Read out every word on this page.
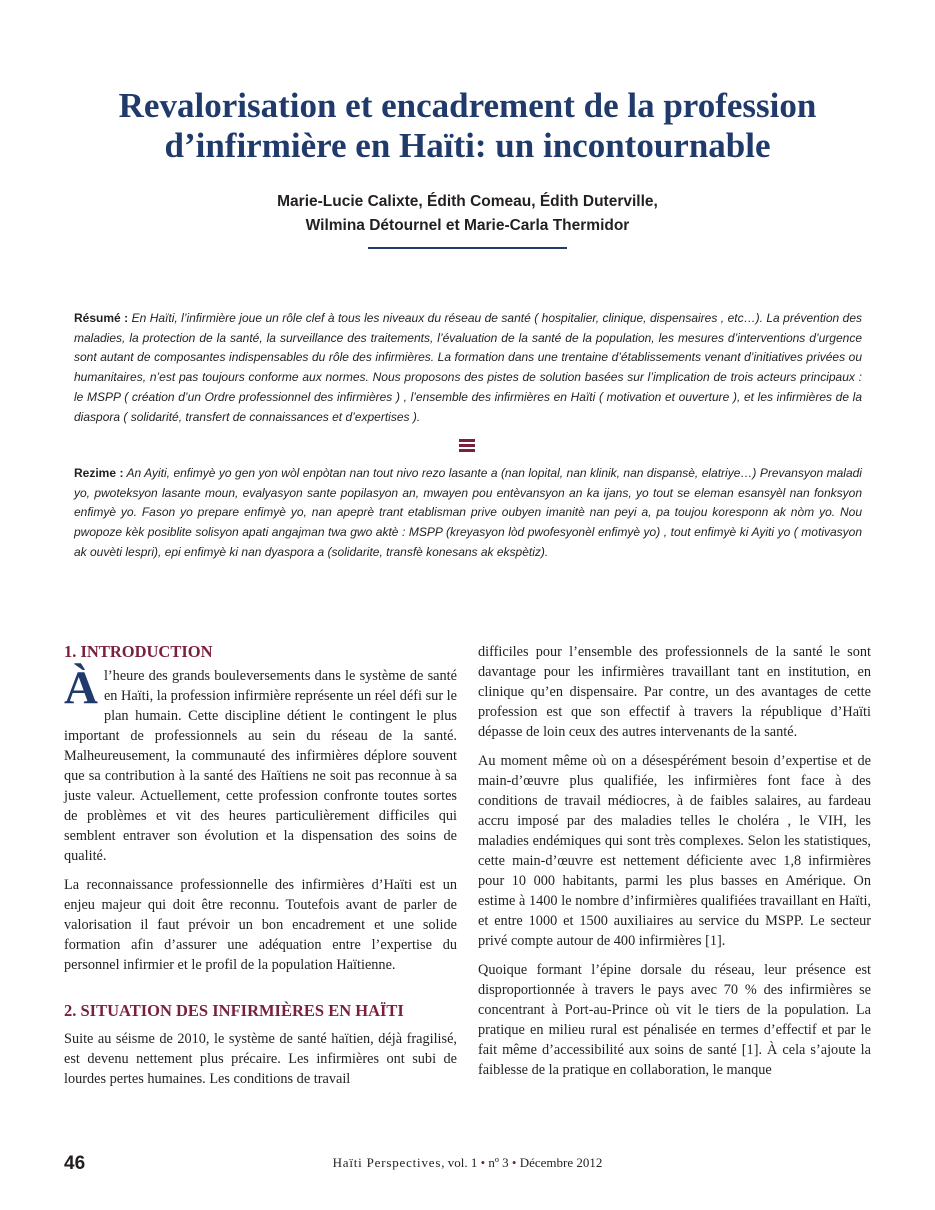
Revalorisation et encadrement de la profession
d’infirmière en Haïti: un incontournable
Marie-Lucie Calixte, Édith Comeau, Édith Duterville,
Wilmina Détournel et Marie-Carla Thermidor

Résumé : En Haïti, l’infirmière joue un rôle clef à tous les niveaux du réseau de santé ( hospitalier, clinique, dispensaires , etc…). La prévention des maladies, la protection de la santé, la surveillance des traitements, l’évaluation de la santé de la population, les mesures d’interventions d’urgence sont autant de composantes indispensables du rôle des infirmières. La formation dans une trentaine d’établissements venant d’initiatives privées ou humanitaires, n’est pas toujours conforme aux normes. Nous proposons des pistes de solution basées sur l’implication de trois acteurs principaux : le MSPP ( création d’un Ordre professionnel des infirmières ) , l’ensemble des infirmières en Haïti ( motivation et ouverture ), et les infirmières de la diaspora ( solidarité, transfert de connaissances et d’expertises ).

Rezime : An Ayiti, enfimyè yo gen yon wòl enpòtan nan tout nivo rezo lasante a (nan lopital, nan klinik, nan dispansè, elatriye…) Prevansyon maladi yo, pwoteksyon lasante moun, evalyasyon sante popilasyon an, mwayen pou entèvansyon an ka ijans, yo tout se eleman esansyèl nan fonksyon enfimyè yo. Fason yo prepare enfimyè yo, nan apeprè trant etablisman prive oubyen imanitè nan peyi a, pa toujou koresponn ak nòm yo. Nou pwopoze kèk posiblite solisyon apati angajman twa gwo aktè : MSPP (kreyasyon lòd pwofesyonèl enfimyè yo) , tout enfimyè ki Ayiti yo ( motivasyon ak ouvèti lespri), epi enfimyè ki nan dyaspora a (solidarite, transfè konesans ak ekspètiz).

1. INTRODUCTION

À l’heure des grands bouleversements dans le système de santé en Haïti, la profession infirmière représente un réel défi sur le plan humain. Cette discipline détient le contingent le plus important de professionnels au sein du réseau de la santé. Malheureusement, la communauté des infirmières déplore souvent que sa contribution à la santé des Haïtiens ne soit pas reconnue à sa juste valeur. Actuellement, cette profession confronte toutes sortes de problèmes et vit des heures particulièrement difficiles qui semblent entraver son évolution et la dispensation des soins de qualité.

La reconnaissance professionnelle des infirmières d’Haïti est un enjeu majeur qui doit être reconnu. Toutefois avant de parler de valorisation il faut prévoir un bon encadrement et une solide formation afin d’assurer une adéquation entre l’expertise du personnel infirmier et le profil de la population Haïtienne.

2. SITUATION DES INFIRMIÈRES EN HAÏTI

Suite au séisme de 2010, le système de santé haïtien, déjà fragilisé, est devenu nettement plus précaire. Les infirmières ont subi de lourdes pertes humaines. Les conditions de travail

difficiles pour l’ensemble des professionnels de la santé le sont davantage pour les infirmières travaillant tant en institution, en clinique qu’en dispensaire. Par contre, un des avantages de cette profession est que son effectif à travers la république d’Haïti dépasse de loin ceux des autres intervenants de la santé.

Au moment même où on a désespérément besoin d’expertise et de main-d’œuvre plus qualifiée, les infirmières font face à des conditions de travail médiocres, à de faibles salaires, au fardeau accru imposé par des maladies telles le choléra , le VIH, les maladies endémiques qui sont très complexes. Selon les statistiques, cette main-d’œuvre est nettement déficiente avec 1,8 infirmières pour 10 000 habitants, parmi les plus basses en Amérique. On estime à 1400 le nombre d’infirmières qualifiées travaillant en Haïti, et entre 1000 et 1500 auxiliaires au service du MSPP. Le secteur privé compte autour de 400 infirmières [1].

Quoique formant l’épine dorsale du réseau, leur présence est disproportionnée à travers le pays avec 70 % des infirmières se concentrant à Port-au-Prince où vit le tiers de la population. La pratique en milieu rural est pénalisée en termes d’effectif et par le fait même d’accessibilité aux soins de santé [1]. À cela s’ajoute la faiblesse de la pratique en collaboration, le manque

46	Haïti Perspectives, vol. 1 • nº 3 • Décembre 2012
